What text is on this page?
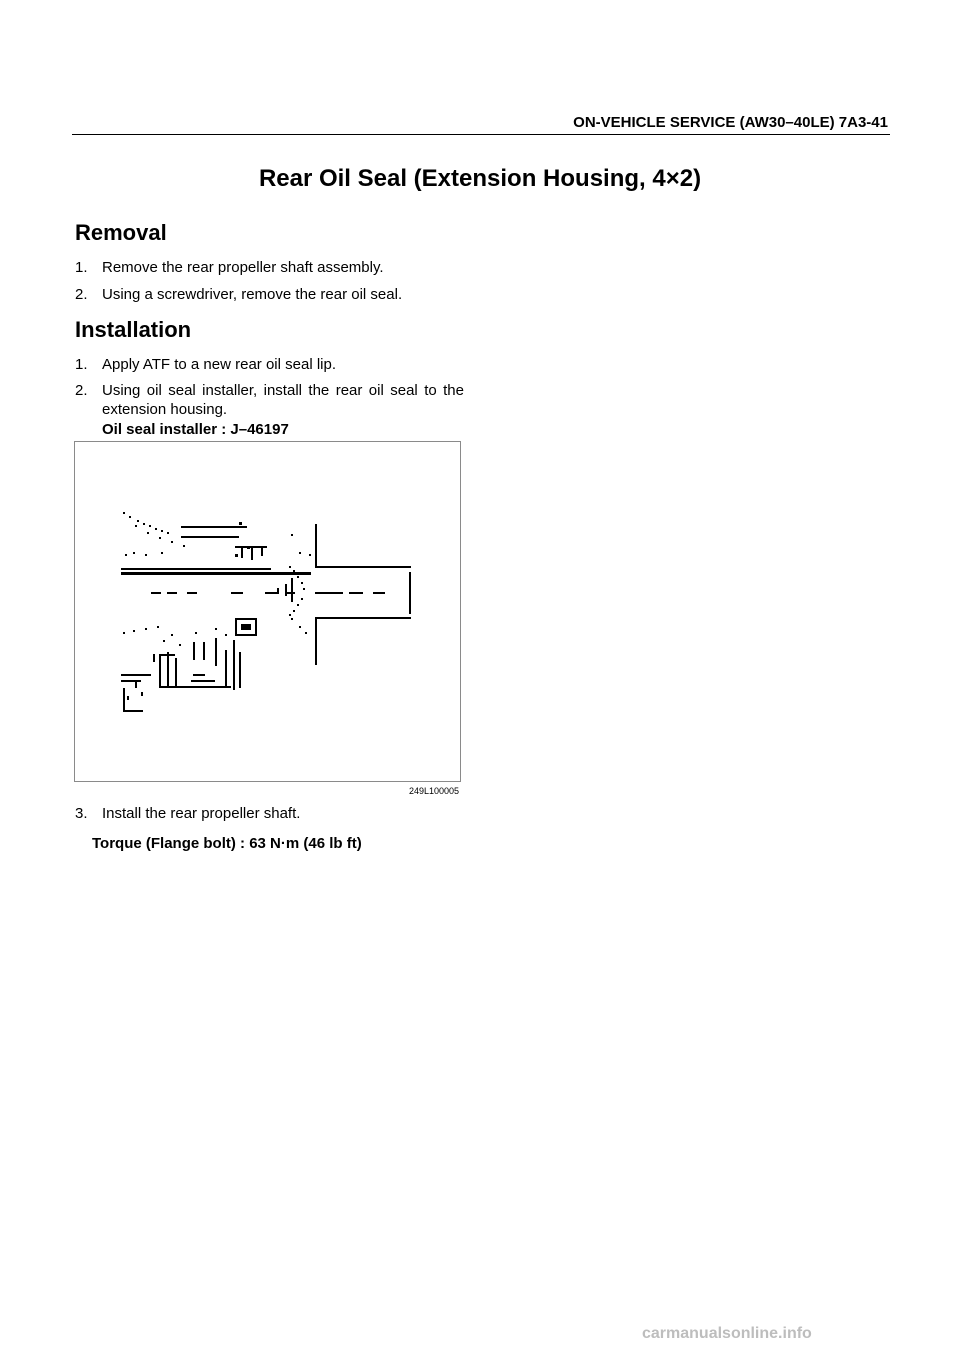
ON-VEHICLE SERVICE (AW30–40LE) 7A3-41
Rear Oil Seal (Extension Housing, 4×2)
Removal
1. Remove the rear propeller shaft assembly.
2. Using a screwdriver, remove the rear oil seal.
Installation
1. Apply ATF to a new rear oil seal lip.
2. Using oil seal installer, install the rear oil seal to the extension housing.
Oil seal installer : J–46197
249L100005
3. Install the rear propeller shaft.
Torque (Flange bolt) : 63 N·m (46 lb ft)
carmanualsonline.info
